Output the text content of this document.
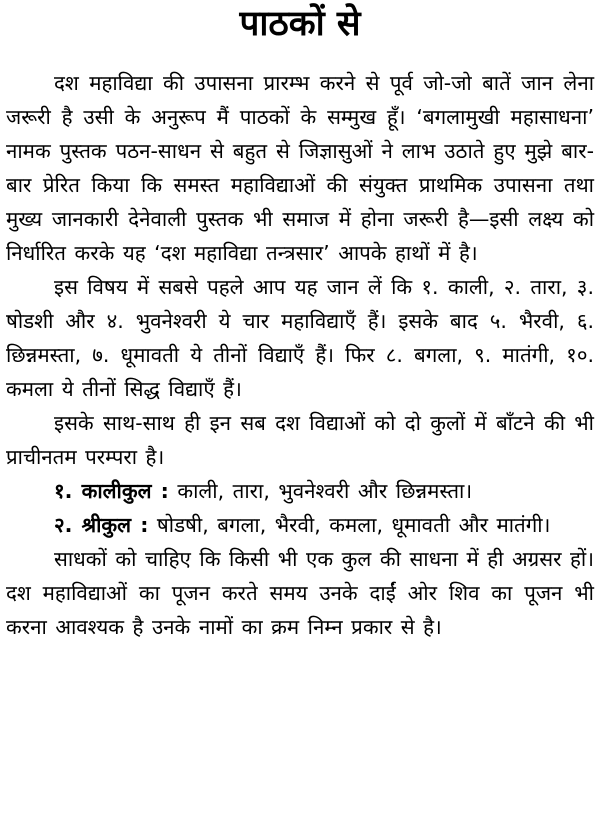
पाठकों से

दश महाविद्या की उपासना प्रारम्भ करने से पूर्व जो-जो बातें जान लेना जरूरी है उसी के अनुरूप मैं पाठकों के सम्मुख हूँ। ‘बगलामुखी महासाधना’ नामक पुस्तक पठन-साधन से बहुत से जिज्ञासुओं ने लाभ उठाते हुए मुझे बार-बार प्रेरित किया कि समस्त महाविद्याओं की संयुक्त प्राथमिक उपासना तथा मुख्य जानकारी देनेवाली पुस्तक भी समाज में होना जरूरी है—इसी लक्ष्य को निर्धारित करके यह ‘दश महाविद्या तन्त्रसार’ आपके हाथों में है।

इस विषय में सबसे पहले आप यह जान लें कि १. काली, २. तारा, ३. षोडशी और ४. भुवनेश्वरी ये चार महाविद्याएँ हैं। इसके बाद ५. भैरवी, ६. छिन्नमस्ता, ७. धूमावती ये तीनों विद्याएँ हैं। फिर ८. बगला, ९. मातंगी, १०. कमला ये तीनों सिद्ध विद्याएँ हैं।

इसके साथ-साथ ही इन सब दश विद्याओं को दो कुलों में बाँटने की भी प्राचीनतम परम्परा है।

१. कालीकुल : काली, तारा, भुवनेश्वरी और छिन्नमस्ता।

२. श्रीकुल : षोडषी, बगला, भैरवी, कमला, धूमावती और मातंगी।

साधकों को चाहिए कि किसी भी एक कुल की साधना में ही अग्रसर हों। दश महाविद्याओं का पूजन करते समय उनके दाईं ओर शिव का पूजन भी करना आवश्यक है उनके नामों का क्रम निम्न प्रकार से है।
